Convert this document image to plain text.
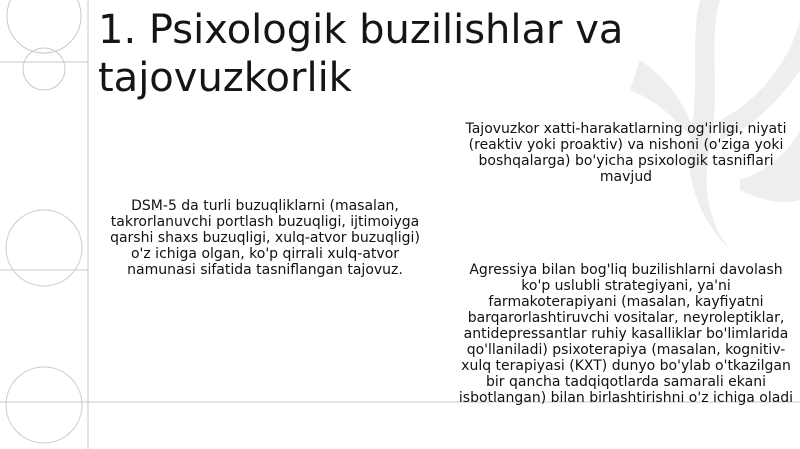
1. Psixologik buzilishlar va tajovuzkorlik
DSM-5 da turli buzuqliklarni (masalan, takrorlanuvchi portlash buzuqligi, ijtimoiyga qarshi shaxs buzuqligi, xulq-atvor buzuqligi) o'z ichiga olgan, ko'p qirrali xulq-atvor namunasi sifatida tasniflangan tajovuz.
Tajovuzkor xatti-harakatlarning og'irligi, niyati (reaktiv yoki proaktiv) va nishoni (o'ziga yoki boshqalarga) bo'yicha psixologik tasniflari mavjud
Agressiya bilan bog'liq buzilishlarni davolash ko'p uslubli strategiyani, ya'ni farmakoterapiyani (masalan, kayfiyatni barqarorlashtiruvchi vositalar, neyroleptiklar, antidepressantlar ruhiy kasalliklar bo'limlarida qo'llaniladi) psixoterapiya (masalan, kognitiv-xulq terapiyasi (KXT) dunyo bo'ylab o'tkazilgan bir qancha tadqiqotlarda samarali ekani isbotlangan) bilan birlashtirishni o'z ichiga oladi
